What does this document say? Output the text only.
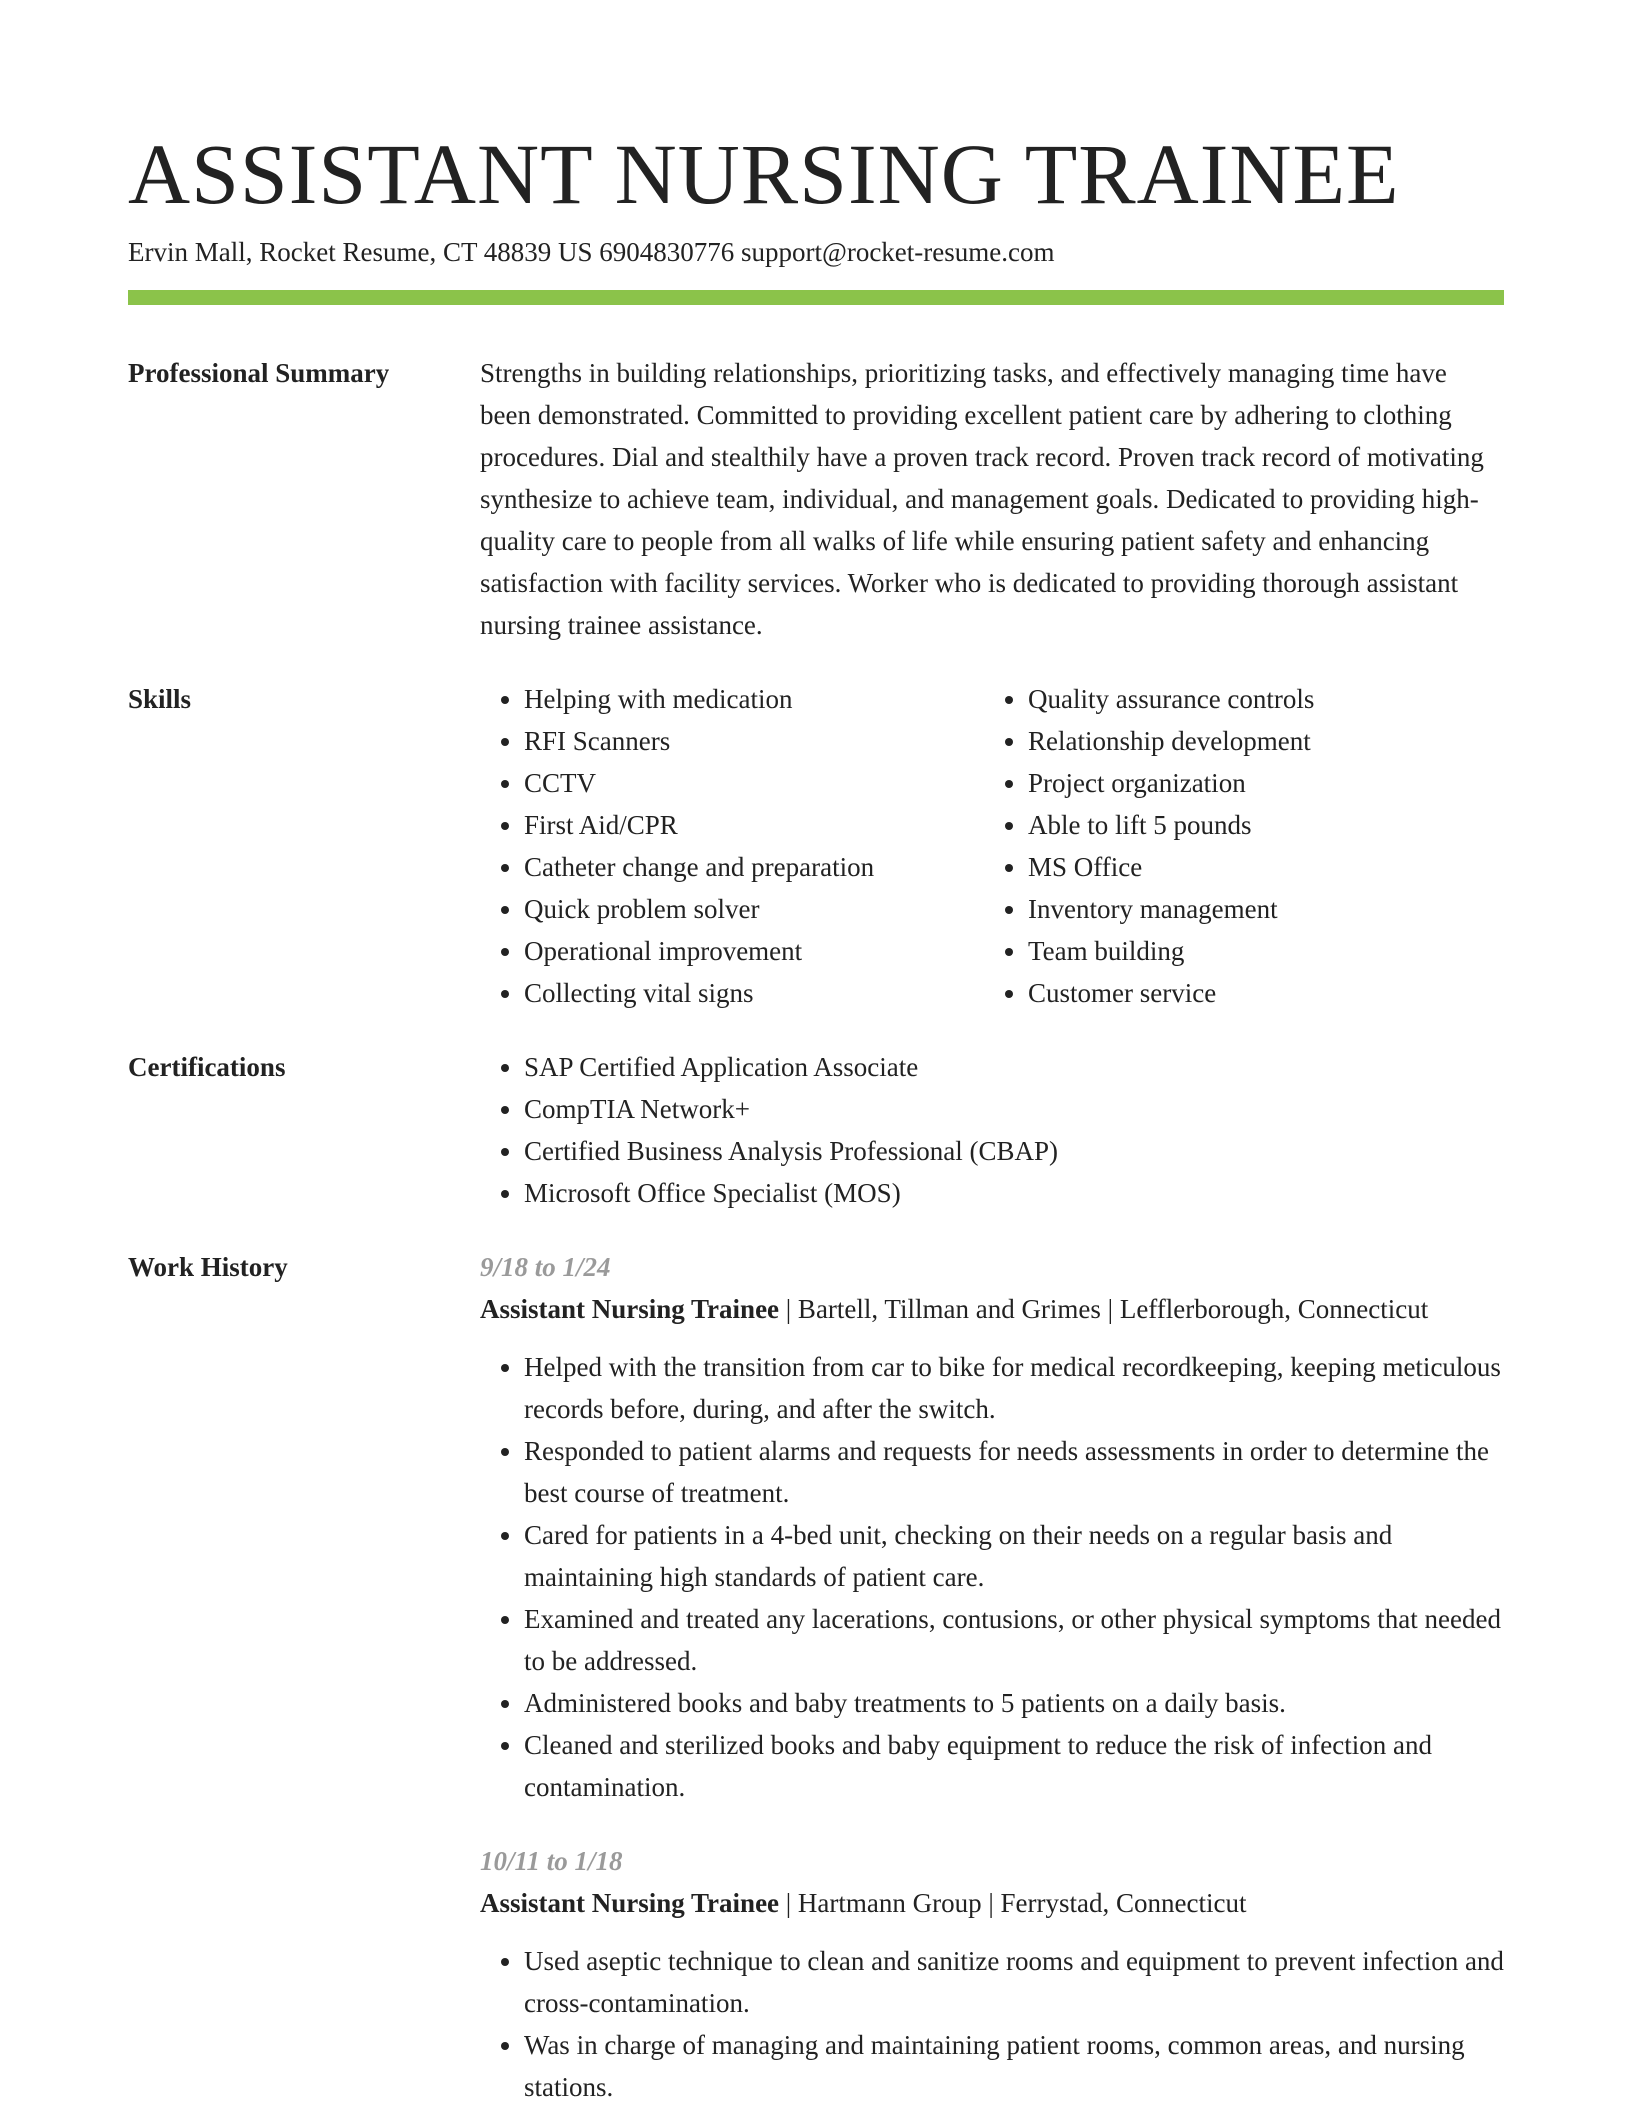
ASSISTANT NURSING TRAINEE
Ervin Mall, Rocket Resume, CT 48839 US 6904830776 support@rocket-resume.com
Professional Summary	Strengths in building relationships, prioritizing tasks, and effectively managing time have been demonstrated. Committed to providing excellent patient care by adhering to clothing procedures. Dial and stealthily have a proven track record. Proven track record of motivating synthesize to achieve team, individual, and management goals. Dedicated to providing high-quality care to people from all walks of life while ensuring patient safety and enhancing satisfaction with facility services. Worker who is dedicated to providing thorough assistant nursing trainee assistance.

Skills	• Helping with medication
• RFI Scanners
• CCTV
• First Aid/CPR
• Catheter change and preparation
• Quick problem solver
• Operational improvement
• Collecting vital signs
• Quality assurance controls
• Relationship development
• Project organization
• Able to lift 5 pounds
• MS Office
• Inventory management
• Team building
• Customer service
Certifications	• SAP Certified Application Associate
• CompTIA Network+
• Certified Business Analysis Professional (CBAP)
• Microsoft Office Specialist (MOS)
Work History	9/18 to 1/24
Assistant Nursing Trainee | Bartell, Tillman and Grimes | Lefflerborough, Connecticut
• Helped with the transition from car to bike for medical recordkeeping, keeping meticulous records before, during, and after the switch.
• Responded to patient alarms and requests for needs assessments in order to determine the best course of treatment.
• Cared for patients in a 4-bed unit, checking on their needs on a regular basis and maintaining high standards of patient care.
• Examined and treated any lacerations, contusions, or other physical symptoms that needed to be addressed.
• Administered books and baby treatments to 5 patients on a daily basis.
• Cleaned and sterilized books and baby equipment to reduce the risk of infection and contamination.
10/11 to 1/18
Assistant Nursing Trainee | Hartmann Group | Ferrystad, Connecticut
• Used aseptic technique to clean and sanitize rooms and equipment to prevent infection and cross-contamination.
• Was in charge of managing and maintaining patient rooms, common areas, and nursing stations.
